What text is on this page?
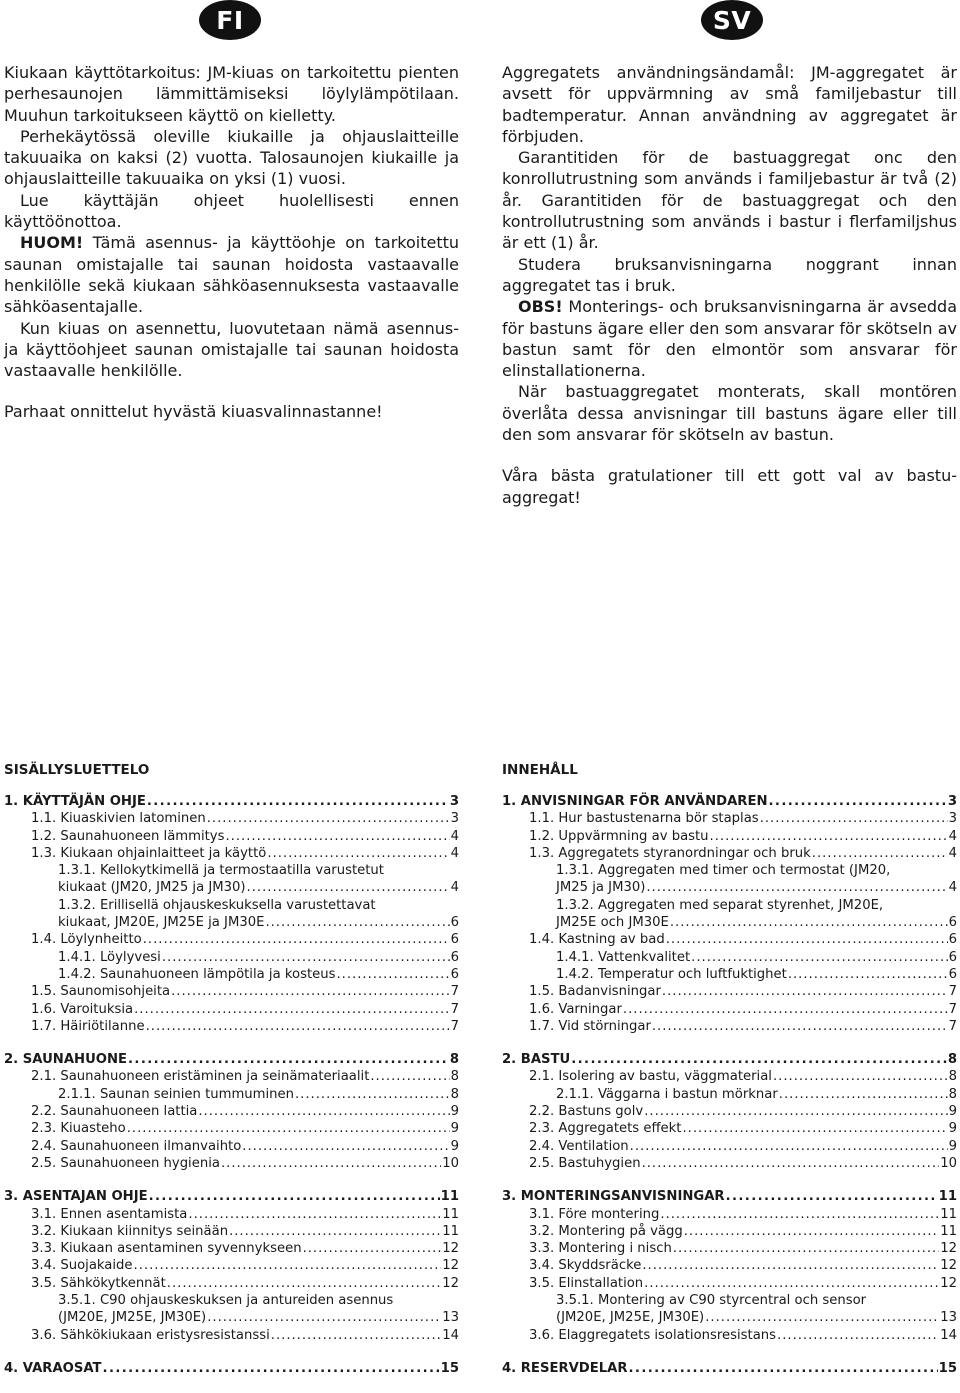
FI	SV

Kiukaan käyttötarkoitus: JM-kiuas on tarkoitettu pienten perhesaunojen lämmittämiseksi löylylämpötilaan. Muuhun tarkoitukseen käyttö on kielletty.

Perhekäytössä oleville kiukaille ja ohjauslaitteille takuuaika on kaksi (2) vuotta. Talosaunojen kiukaille ja ohjauslaitteille takuuaika on yksi (1) vuosi.

Lue käyttäjän ohjeet huolellisesti ennen käyttöönottoa.

HUOM! Tämä asennus- ja käyttöohje on tarkoitettu saunan omistajalle tai saunan hoidosta vastaavalle henkilölle sekä kiukaan sähköasennuksesta vastaavalle sähköasentajalle.

Kun kiuas on asennettu, luovutetaan nämä asennus- ja käyttöohjeet saunan omistajalle tai saunan hoidosta vastaavalle henkilölle.

Parhaat onnittelut hyvästä kiuasvalinnastanne!

Aggregatets användningsändamål: JM-aggregatet är avsett för uppvärmning av små familjebastur till badtemperatur. Annan användning av aggregatet är förbjuden.

Garantitiden för de bastuaggregat onc den konrollutrustning som används i familjebastur är två (2) år. Garantitiden för de bastuaggregat och den kontrollutrustning som används i bastur i flerfamiljshus är ett (1) år.

Studera bruksanvisningarna noggrant innan aggregatet tas i bruk.

OBS! Monterings- och bruksanvisningarna är avsedda för bastuns ägare eller den som ansvarar för skötseln av bastun samt för den elmontör som ansvarar för elinstallationerna.

När bastuaggregatet monterats, skall montören överlåta dessa anvisningar till bastuns ägare eller till den som ansvarar för skötseln av bastun.

Våra bästa gratulationer till ett gott val av bastu-aggregat!

SISÄLLYSLUETTELO
1. KÄYTTÄJÄN OHJE . . .	3
1.1. Kiuaskivien latominen . . .	3
1.2. Saunahuoneen lämmitys . . .	4
1.3. Kiukaan ohjainlaitteet ja käyttö . . .	4
1.3.1. Kellokytkimellä ja termostaatilla varustetut
kiukaat (JM20, JM25 ja JM30) . . .	4
1.3.2. Erillisellä ohjauskeskuksella varustettavat
kiukaat, JM20E, JM25E ja JM30E . . .	6
1.4. Löylynheitto . . .	6
1.4.1. Löylyvesi . . .	6
1.4.2. Saunahuoneen lämpötila ja kosteus . . .	6
1.5. Saunomisohjeita . . .	7
1.6. Varoituksia . . .	7
1.7. Häiriötilanne . . .	7
2. SAUNAHUONE . . .	8
2.1. Saunahuoneen eristäminen ja seinämateriaalit . . .	8
2.1.1. Saunan seinien tummuminen . . .	8
2.2. Saunahuoneen lattia . . .	9
2.3. Kiuasteho . . .	9
2.4. Saunahuoneen ilmanvaihto . . .	9
2.5. Saunahuoneen hygienia . . .	10
3. ASENTAJAN OHJE . . .	11
3.1. Ennen asentamista . . .	11
3.2. Kiukaan kiinnitys seinään . . .	11
3.3. Kiukaan asentaminen syvennykseen . . .	12
3.4. Suojakaide . . .	12
3.5. Sähkökytkennät . . .	12
3.5.1. C90 ohjauskeskuksen ja antureiden asennus
(JM20E, JM25E, JM30E) . . .	13
3.6. Sähkökiukaan eristysresistanssi . . .	14
4. VARAOSAT . . .	15
INNEHÅLL
1. ANVISNINGAR FÖR ANVÄNDAREN . . .	3
1.1. Hur bastustenarna bör staplas . . .	3
1.2. Uppvärmning av bastu . . .	4
1.3. Aggregatets styranordningar och bruk . . .	4
1.3.1. Aggregaten med timer och termostat (JM20,
JM25 ja JM30) . . .	4
1.3.2. Aggregaten med separat styrenhet, JM20E,
JM25E och JM30E . . .	6
1.4. Kastning av bad . . .	6
1.4.1. Vattenkvalitet . . .	6
1.4.2. Temperatur och luftfuktighet . . .	6
1.5. Badanvisningar . . .	7
1.6. Varningar . . .	7
1.7. Vid störningar . . .	7
2. BASTU . . .	8
2.1. Isolering av bastu, väggmaterial . . .	8
2.1.1. Väggarna i bastun mörknar . . .	8
2.2. Bastuns golv . . .	9
2.3. Aggregatets effekt . . .	9
2.4. Ventilation . . .	9
2.5. Bastuhygien . . .	10
3. MONTERINGSANVISNINGAR . . .	11
3.1. Före montering . . .	11
3.2. Montering på vägg . . .	11
3.3. Montering i nisch . . .	12
3.4. Skyddsräcke . . .	12
3.5. Elinstallation . . .	12
3.5.1. Montering av C90 styrcentral och sensor
(JM20E, JM25E, JM30E) . . .	13
3.6. Elaggregatets isolationsresistans . . .	14
4. RESERVDELAR . . .	15
